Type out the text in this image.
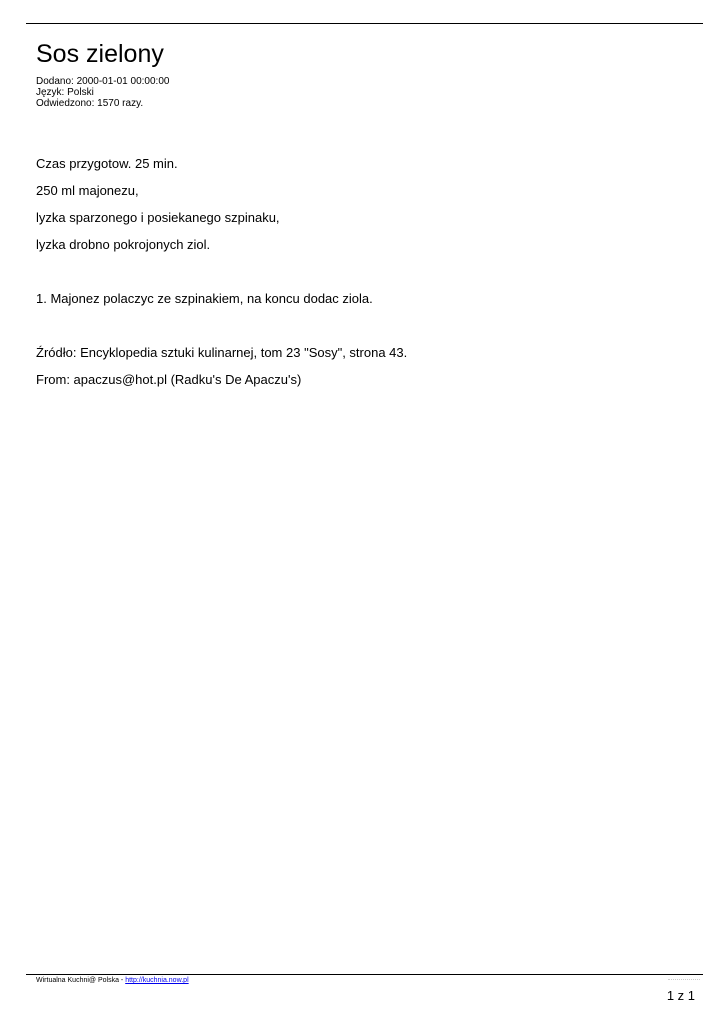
Sos zielony
Dodano: 2000-01-01 00:00:00
Język: Polski
Odwiedzono: 1570 razy.
Czas przygotow. 25 min.
250 ml majonezu,
lyzka sparzonego i posiekanego szpinaku,
lyzka drobno pokrojonych ziol.
1. Majonez polaczyc ze szpinakiem, na koncu dodac ziola.
Źródło: Encyklopedia sztuki kulinarnej, tom 23 "Sosy", strona 43.
From: apaczus@hot.pl (Radku's De Apaczu's)
Wirtualna Kuchni@ Polska - http://kuchnia.now.pl
1 z 1
